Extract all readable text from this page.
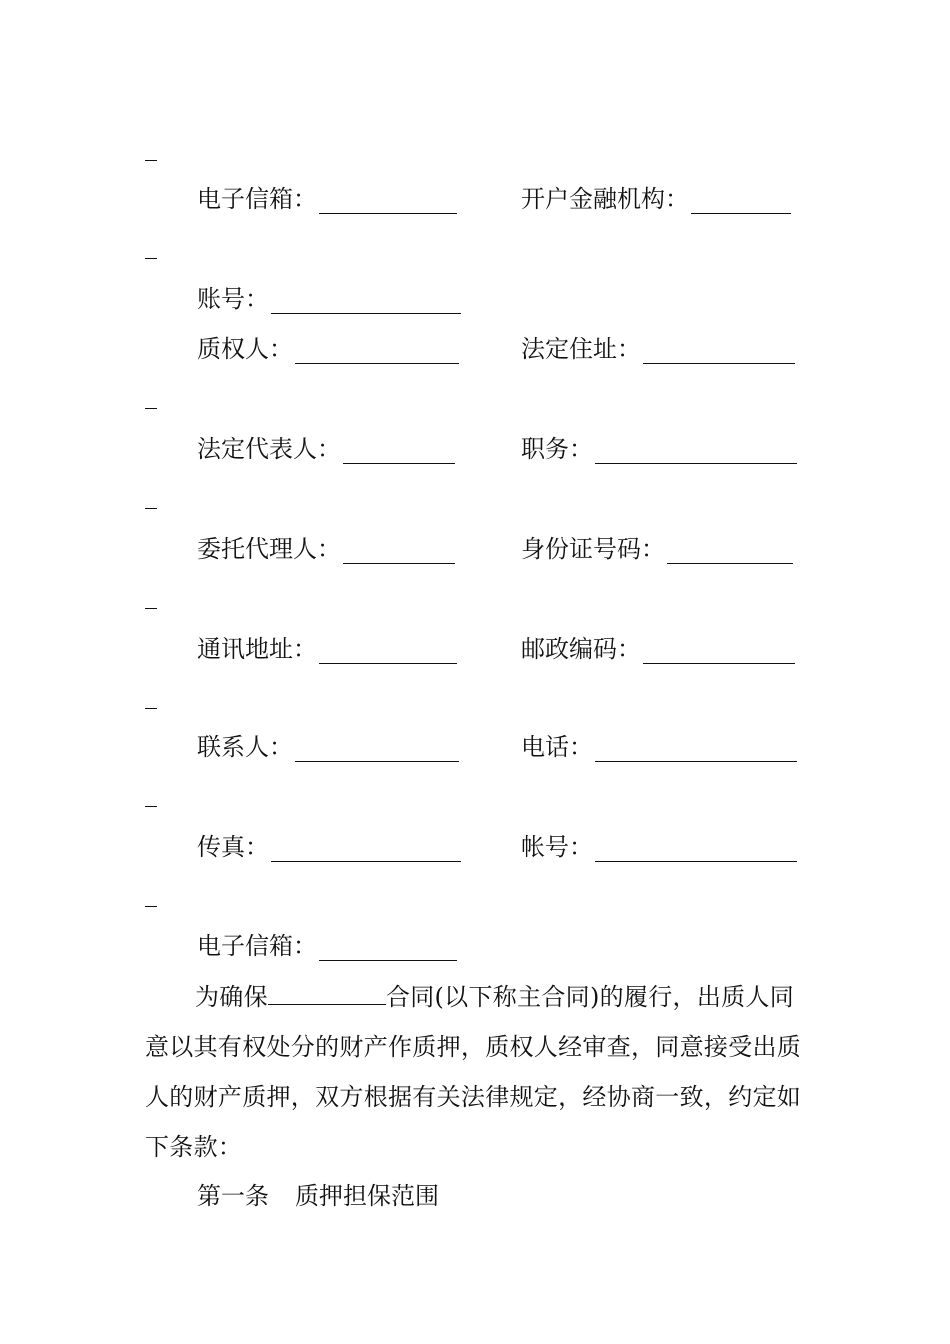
电子信箱：	开户金融机构：
账号：
质权人：	法定住址：
法定代表人：	职务：
委托代理人：	身份证号码：
通讯地址：	邮政编码：
联系人：	电话：
传真：	帐号：
电子信箱：
为确保	合同(以下称主合同)的履行，出质人同意以其有权处分的财产作质押，质权人经审查，同意接受出质人的财产质押，双方根据有关法律规定，经协商一致，约定如下条款：
第一条 质押担保范围
